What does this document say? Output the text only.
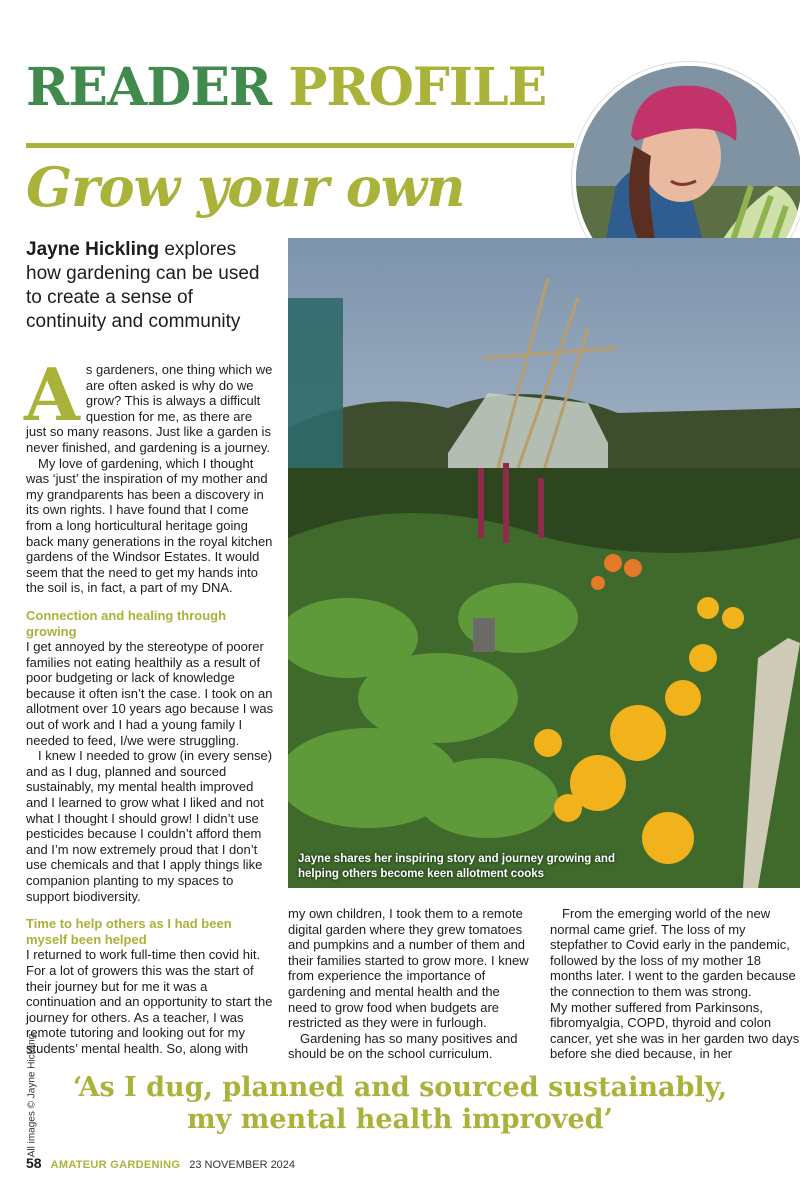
READER PROFILE
Grow your own
Jayne Hickling explores how gardening can be used to create a sense of continuity and community
A s gardeners, one thing which we are often asked is why do we grow? This is always a difficult question for me, as there are just so many reasons. Just like a garden is never finished, and gardening is a journey.

My love of gardening, which I thought was ‘just’ the inspiration of my mother and my grandparents has been a discovery in its own rights. I have found that I come from a long horticultural heritage going back many generations in the royal kitchen gardens of the Windsor Estates. It would seem that the need to get my hands into the soil is, in fact, a part of my DNA.

Connection and healing through growing

I get annoyed by the stereotype of poorer families not eating healthily as a result of poor budgeting or lack of knowledge because it often isn’t the case. I took on an allotment over 10 years ago because I was out of work and I had a young family I needed to feed, I/we were struggling.

I knew I needed to grow (in every sense) and as I dug, planned and sourced sustainably, my mental health improved and I learned to grow what I liked and not what I thought I should grow! I didn’t use pesticides because I couldn’t afford them and I’m now extremely proud that I don’t use chemicals and that I apply things like companion planting to my spaces to support biodiversity.

Time to help others as I had been myself been helped

I returned to work full-time then covid hit. For a lot of growers this was the start of their journey but for me it was a continuation and an opportunity to start the journey for others. As a teacher, I was remote tutoring and looking out for my students’ mental health. So, along with

Jayne shares her inspiring story and journey growing and helping others become keen allotment cooks

my own children, I took them to a remote digital garden where they grew tomatoes and pumpkins and a number of them and their families started to grow more. I knew from experience the importance of gardening and mental health and the need to grow food when budgets are restricted as they were in furlough.

Gardening has so many positives and should be on the school curriculum.

From the emerging world of the new normal came grief. The loss of my stepfather to Covid early in the pandemic, followed by the loss of my mother 18 months later. I went to the garden because the connection to them was strong.

My mother suffered from Parkinsons, fibromyalgia, COPD, thyroid and colon cancer, yet she was in her garden two days before she died because, in her

‘As I dug, planned and sourced sustainably,
my mental health improved’
All images © Jayne Hickling
58 AMATEUR GARDENING 23 NOVEMBER 2024
